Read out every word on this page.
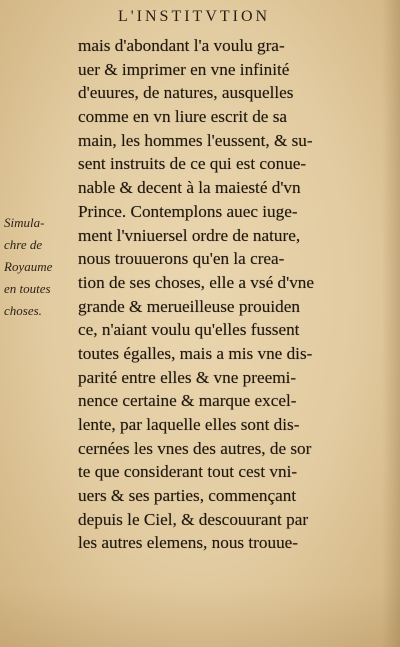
L'INSTITVTION
Simula-
chre de
Royaume
en toutes
choses.
mais d'abondant l'a voulu gra-
uer & imprimer en vne infinité
d'euures, de natures, ausquelles
comme en vn liure escrit de sa
main, les hommes l'eussent, & su-
sent instruits de ce qui est conue-
nable & decent à la maiesté d'vn
Prince. Contemplons auec iuge-
ment l'vniuersel ordre de nature,
nous trouuerons qu'en la crea-
tion de ses choses, elle a vsé d'vne
grande & merueilleuse prouiden
ce, n'aiant voulu qu'elles fussent
toutes égalles, mais a mis vne dis-
parité entre elles & vne preemi-
nence certaine & marque excel-
lente, par laquelle elles sont dis-
cernées les vnes des autres, de sor
te que considerant tout cest vni-
uers & ses parties, commençant
depuis le Ciel, & descouurant par
les autres elemens, nous trouue-
